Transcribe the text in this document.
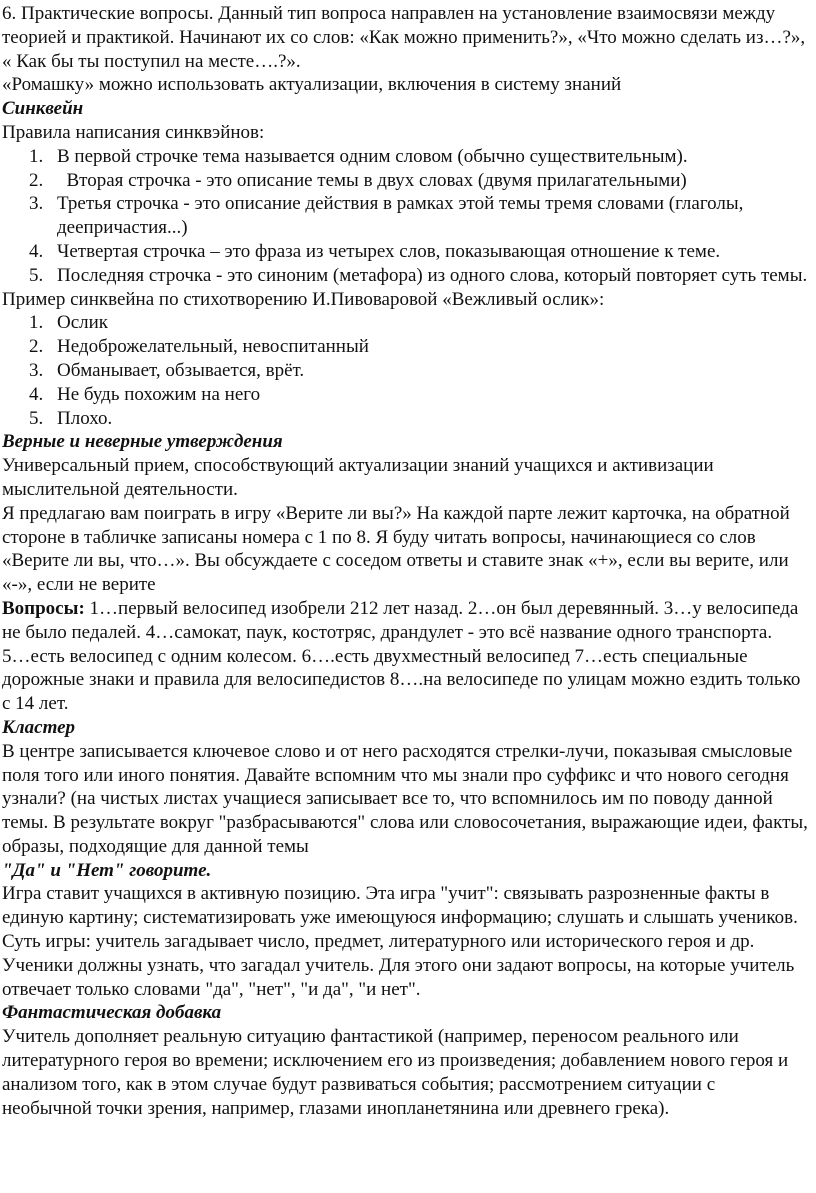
6. Практические вопросы. Данный тип вопроса направлен на установление взаимосвязи между
теорией и практикой. Начинают их со слов: «Как можно применить?», «Что можно сделать из…?»,
« Как бы ты поступил на месте….?».
«Ромашку» можно использовать актуализации, включения в систему знаний
Синквейн
Правила написания синквэйнов:
1. В первой строчке тема называется одним словом (обычно существительным).
2. Вторая строчка - это описание темы в двух словах (двумя прилагательными)
3. Третья строчка - это описание действия в рамках этой темы тремя словами (глаголы, деепричастия...)
4. Четвертая строчка – это фраза из четырех слов, показывающая отношение к теме.
5. Последняя строчка - это синоним (метафора) из одного слова, который повторяет суть темы.
Пример синквейна по стихотворению И.Пивоваровой «Вежливый ослик»:
1. Ослик
2. Недоброжелательный, невоспитанный
3. Обманывает, обзывается, врёт.
4. Не будь похожим на него
5. Плохо.
Верные и неверные утверждения
Универсальный прием, способствующий актуализации знаний учащихся и активизации мыслительной деятельности.
Я предлагаю вам поиграть в игру «Верите ли вы?» На каждой парте лежит карточка, на обратной стороне в табличке записаны номера с 1 по 8. Я буду читать вопросы, начинающиеся со слов «Верите ли вы, что…». Вы обсуждаете с соседом ответы и ставите знак «+», если вы верите, или «-», если не верите
Вопросы: 1…первый велосипед изобрели 212 лет назад. 2…он был деревянный. 3…у велосипеда не было педалей. 4…самокат, паук, костотряс, драндулет - это всё название одного транспорта. 5…есть велосипед с одним колесом. 6….есть двухместный велосипед 7…есть специальные дорожные знаки и правила для велосипедистов 8….на велосипеде по улицам можно ездить только с 14 лет.
Кластер
В центре записывается ключевое слово и от него расходятся стрелки-лучи, показывая смысловые поля того или иного понятия. Давайте вспомним что мы знали про суффикс и что нового сегодня узнали? (на чистых листах учащиеся записывает все то, что вспомнилось им по поводу данной темы. В результате вокруг "разбрасываются" слова или словосочетания, выражающие идеи, факты, образы, подходящие для данной темы
"Да" и "Нет" говорите.
Игра ставит учащихся в активную позицию. Эта игра "учит": связывать разрозненные факты в единую картину; систематизировать уже имеющуюся информацию; слушать и слышать учеников. Суть игры: учитель загадывает число, предмет, литературного или исторического героя и др. Ученики должны узнать, что загадал учитель. Для этого они задают вопросы, на которые учитель отвечает только словами "да", "нет", "и да", "и нет".
Фантастическая добавка
Учитель дополняет реальную ситуацию фантастикой (например, переносом реального или литературного героя во времени; исключением его из произведения; добавлением нового героя и анализом того, как в этом случае будут развиваться события; рассмотрением ситуации с необычной точки зрения, например, глазами инопланетянина или древнего грека).
